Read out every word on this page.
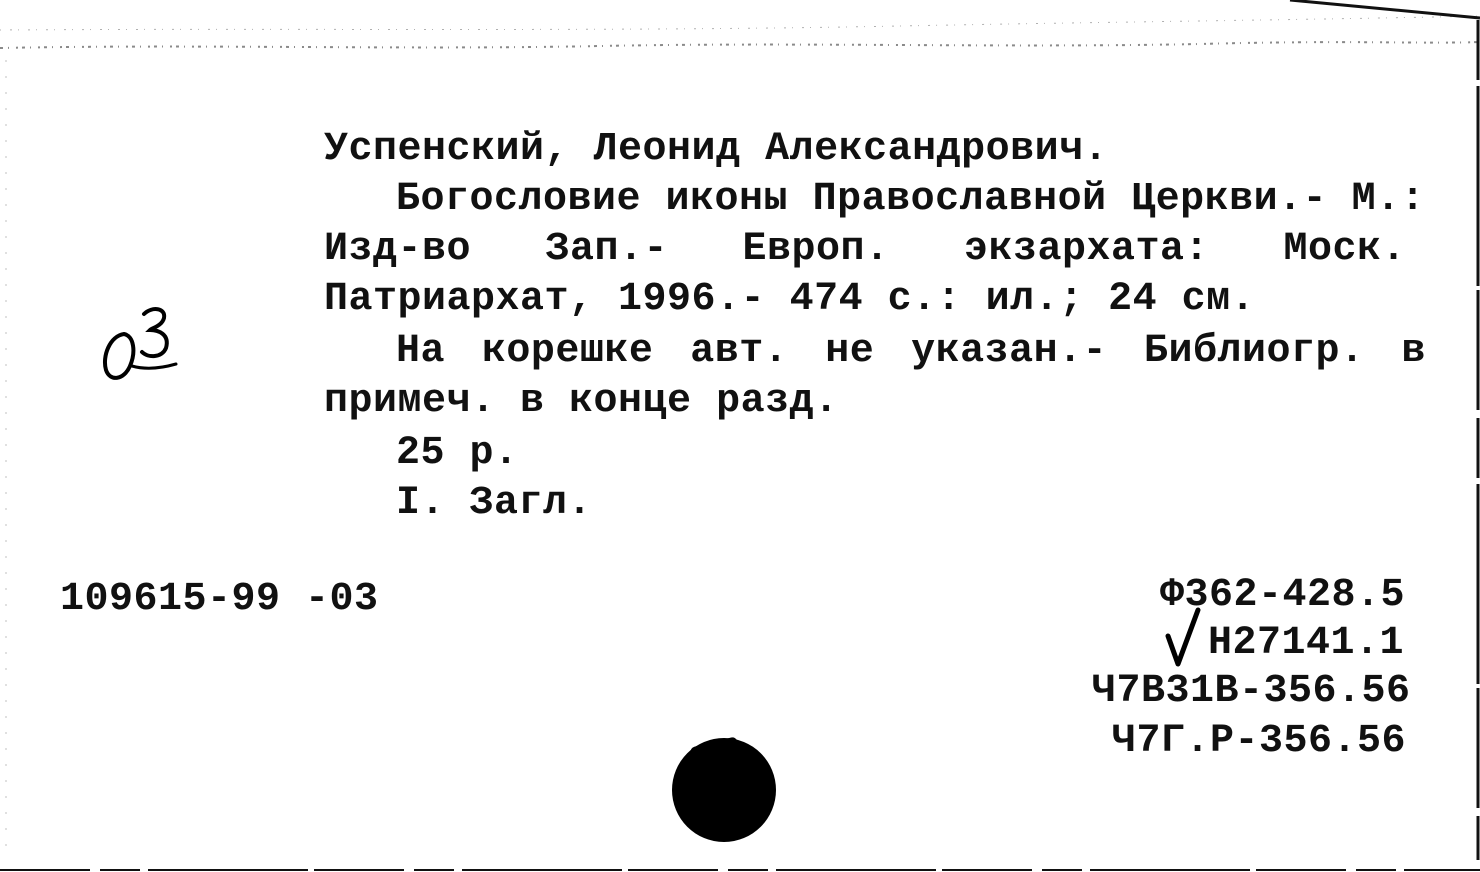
Успенский, Леонид Александрович.
Богословие иконы Православной Церкви.- М.:
Изд-во Зап.- Европ. экзархата: Моск.
Патриархат, 1996.- 474 с.: ил.; 24 см.
На корешке авт. не указан.- Библиогр. в
примеч. в конце разд.
25 р.
I. Загл.
109615-99 -03	Ф362-428.5
Н27141.1
Ч7В31В-356.56
Ч7Г.Р-356.56
